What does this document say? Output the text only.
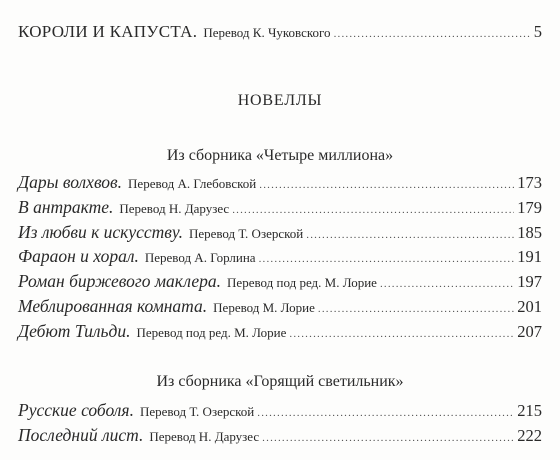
КОРОЛИ И КАПУСТА. Перевод К. Чуковского .....	5
НОВЕЛЛЫ
Из сборника «Четыре миллиона»
Дары волхвов. Перевод А. Глебовской .....	173
В антракте. Перевод Н. Дарузес .....	179
Из любви к искусству. Перевод Т. Озерской .....	185
Фараон и хорал. Перевод А. Горлина .....	191
Роман биржевого маклера. Перевод под ред. М. Лорие .....	197
Меблированная комната. Перевод М. Лорие .....	201
Дебют Тильди. Перевод под ред. М. Лорие .....	207
Из сборника «Горящий светильник»
Русские соболя. Перевод Т. Озерской .....	215
Последний лист. Перевод Н. Дарузес .....	222
